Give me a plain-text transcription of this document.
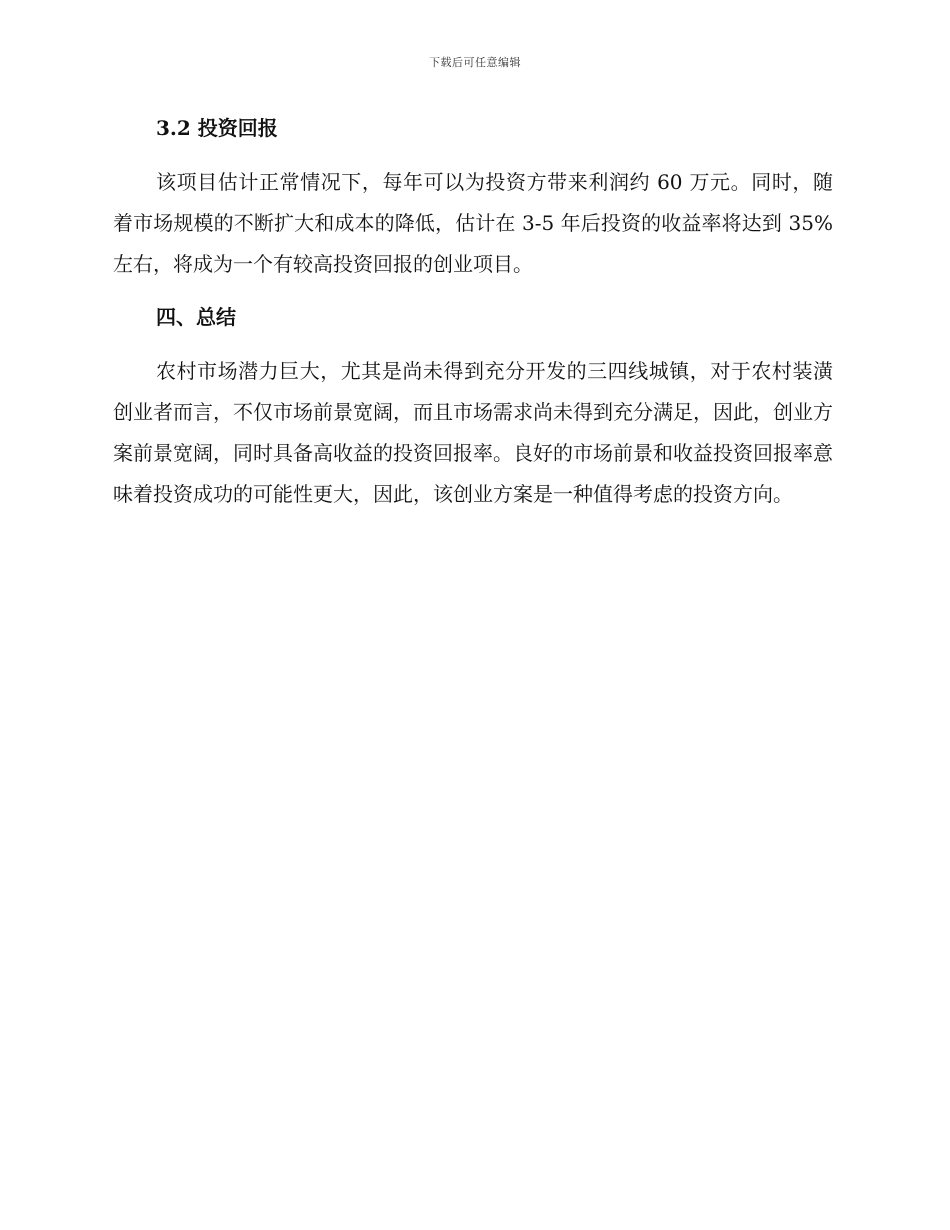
下载后可任意编辑
3.2 投资回报

该项目估计正常情况下，每年可以为投资方带来利润约 60 万元。同时，随着市场规模的不断扩大和成本的降低，估计在 3-5 年后投资的收益率将达到 35%左右，将成为一个有较高投资回报的创业项目。

四、总结

农村市场潜力巨大，尤其是尚未得到充分开发的三四线城镇，对于农村装潢创业者而言，不仅市场前景宽阔，而且市场需求尚未得到充分满足，因此，创业方案前景宽阔，同时具备高收益的投资回报率。良好的市场前景和收益投资回报率意味着投资成功的可能性更大，因此，该创业方案是一种值得考虑的投资方向。
